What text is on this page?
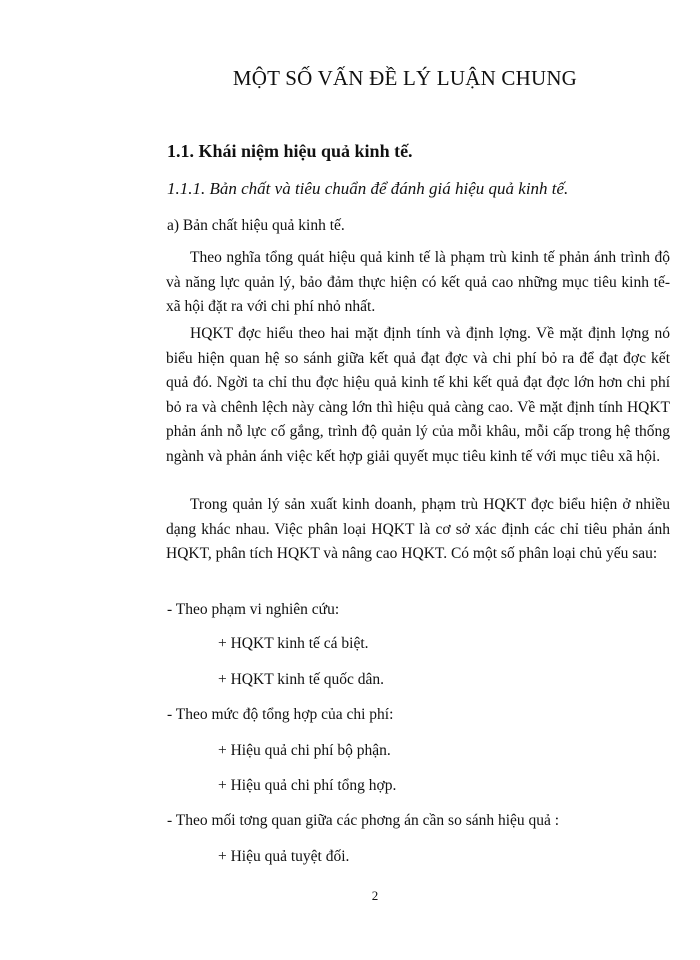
MỘT SỐ VẤN ĐỀ LÝ LUẬN CHUNG
1.1. Khái niệm hiệu quả kinh tế.
1.1.1. Bản chất và tiêu chuẩn để đánh giá hiệu quả kinh tế.
a) Bản chất hiệu quả kinh tế.
Theo nghĩa tổng quát hiệu quả kinh tế là phạm trù kinh tế phản ánh trình độ và năng lực quản lý, bảo đảm thực hiện có kết quả cao những mục tiêu kinh tế- xã hội đặt ra với chi phí nhỏ nhất.
HQKT đợc hiểu theo hai mặt định tính và định lợng. Về mặt định lợng nó biểu hiện quan hệ so sánh giữa kết quả đạt đợc và chi phí bỏ ra để đạt đợc kết quả đó. Ngời ta chỉ thu đợc hiệu quả kinh tế khi kết quả đạt đợc lớn hơn chi phí bỏ ra và chênh lệch này càng lớn thì hiệu quả càng cao. Về mặt định tính HQKT phản ánh nỗ lực cố gắng, trình độ quản lý của mỗi khâu, mỗi cấp trong hệ thống ngành và phản ánh việc kết hợp giải quyết mục tiêu kinh tế với mục tiêu xã hội.
Trong quản lý sản xuất kinh doanh, phạm trù HQKT đợc biểu hiện ở nhiều dạng khác nhau. Việc phân loại HQKT là cơ sở xác định các chỉ tiêu phản ánh HQKT, phân tích HQKT và nâng cao HQKT. Có một số phân loại chủ yếu sau:
- Theo phạm vi nghiên cứu:
+ HQKT kinh tế cá biệt.
+ HQKT kinh tế quốc dân.
- Theo mức độ tổng hợp của chi phí:
+ Hiệu quả chi phí bộ phận.
+ Hiệu quả chi phí tổng hợp.
- Theo mối tơng quan giữa các phơng án cần so sánh hiệu quả :
+ Hiệu quả tuyệt đối.
2
